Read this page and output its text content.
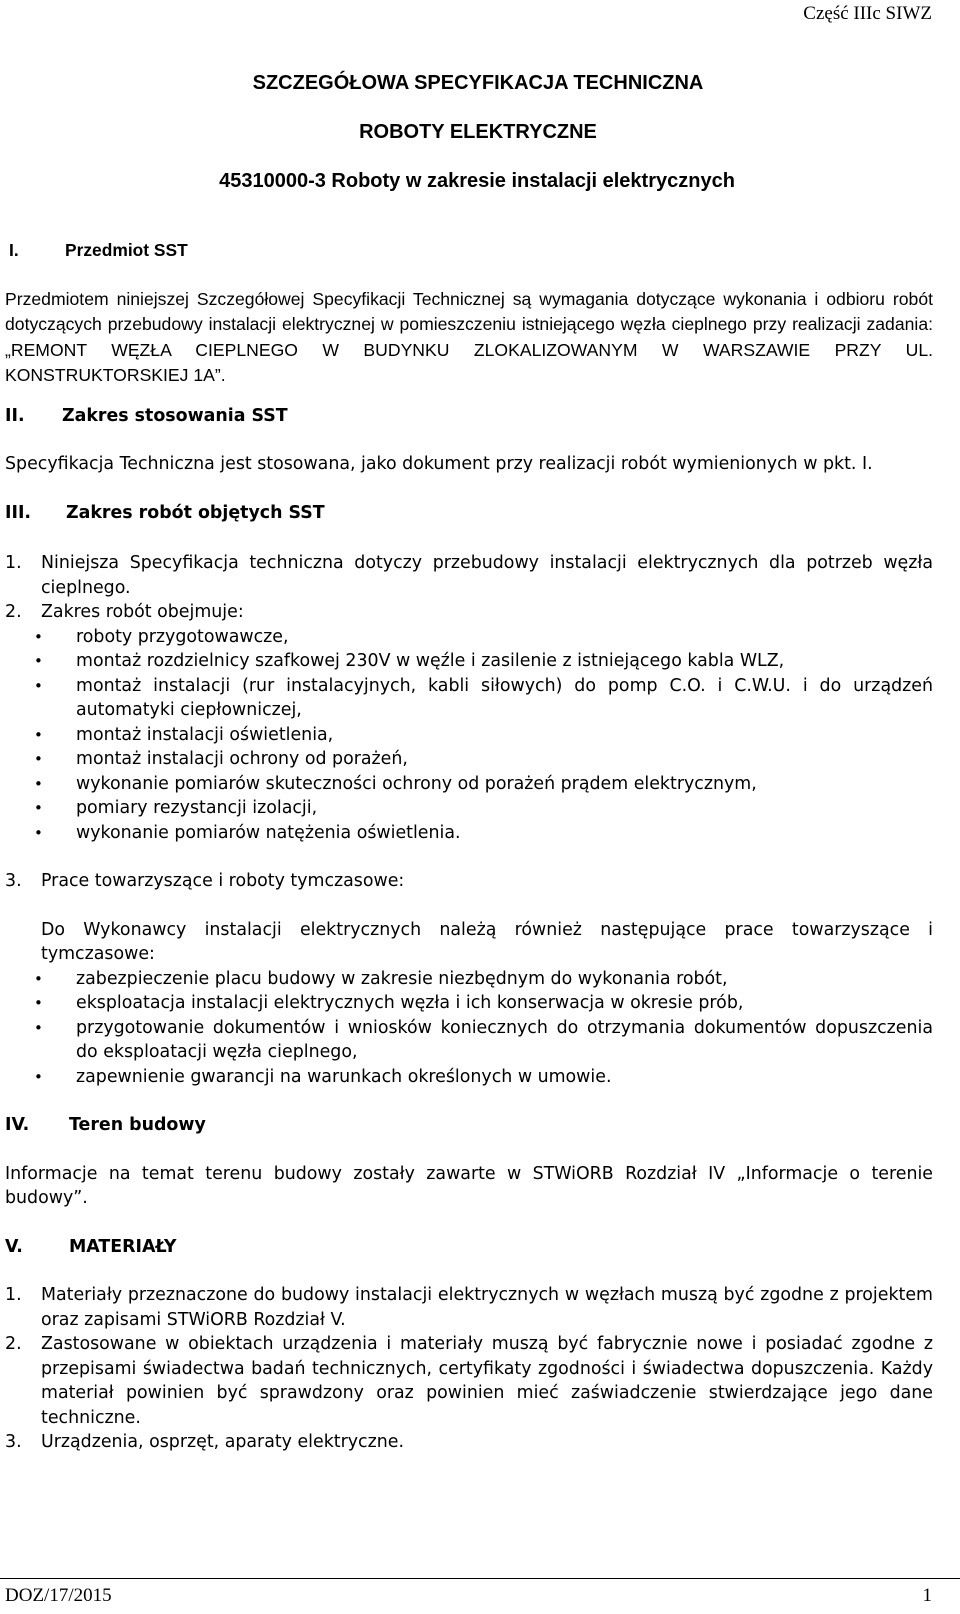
Część IIIc SIWZ
SZCZEGÓŁOWA SPECYFIKACJA TECHNICZNA
ROBOTY ELEKTRYCZNE
45310000-3 Roboty w zakresie instalacji elektrycznych
I.	Przedmiot SST

Przedmiotem niniejszej Szczegółowej Specyfikacji Technicznej są wymagania dotyczące wykonania i odbioru robót dotyczących przebudowy instalacji elektrycznej w pomieszczeniu istniejącego węzła cieplnego przy realizacji zadania: „REMONT WĘZŁA CIEPLNEGO W BUDYNKU ZLOKALIZOWANYM W WARSZAWIE PRZY UL. KONSTRUKTORSKIEJ 1A”.

II.	Zakres stosowania SST

Specyfikacja Techniczna jest stosowana, jako dokument przy realizacji robót wymienionych w pkt. I.

III.	Zakres robót objętych SST
1.	Niniejsza Specyfikacja techniczna dotyczy przebudowy instalacji elektrycznych dla potrzeb węzła cieplnego.
2.	Zakres robót obejmuje:
•	roboty przygotowawcze,
•	montaż rozdzielnicy szafkowej 230V w węźle i zasilenie z istniejącego kabla WLZ,
•	montaż instalacji (rur instalacyjnych, kabli siłowych) do pomp C.O. i C.W.U. i do urządzeń automatyki ciepłowniczej,
•	montaż instalacji oświetlenia,
•	montaż instalacji ochrony od porażeń,
•	wykonanie pomiarów skuteczności ochrony od porażeń prądem elektrycznym,
•	pomiary rezystancji izolacji,
•	wykonanie pomiarów natężenia oświetlenia.
3.	Prace towarzyszące i roboty tymczasowe:

Do Wykonawcy instalacji elektrycznych należą również następujące prace towarzyszące i tymczasowe:

•	zabezpieczenie placu budowy w zakresie niezbędnym do wykonania robót,
•	eksploatacja instalacji elektrycznych węzła i ich konserwacja w okresie prób,
•	przygotowanie dokumentów i wniosków koniecznych do otrzymania dokumentów dopuszczenia do eksploatacji węzła cieplnego,
•	zapewnienie gwarancji na warunkach określonych w umowie.
IV.	Teren budowy

Informacje na temat terenu budowy zostały zawarte w STWiORB Rozdział IV „Informacje o terenie budowy”.

V.	MATERIAŁY
1.	Materiały przeznaczone do budowy instalacji elektrycznych w węzłach muszą być zgodne z projektem oraz zapisami STWiORB Rozdział V.
2.	Zastosowane w obiektach urządzenia i materiały muszą być fabrycznie nowe i posiadać zgodne z przepisami świadectwa badań technicznych, certyfikaty zgodności i świadectwa dopuszczenia. Każdy materiał powinien być sprawdzony oraz powinien mieć zaświadczenie stwierdzające jego dane techniczne.
3.	Urządzenia, osprzęt, aparaty elektryczne.
DOZ/17/2015	1
